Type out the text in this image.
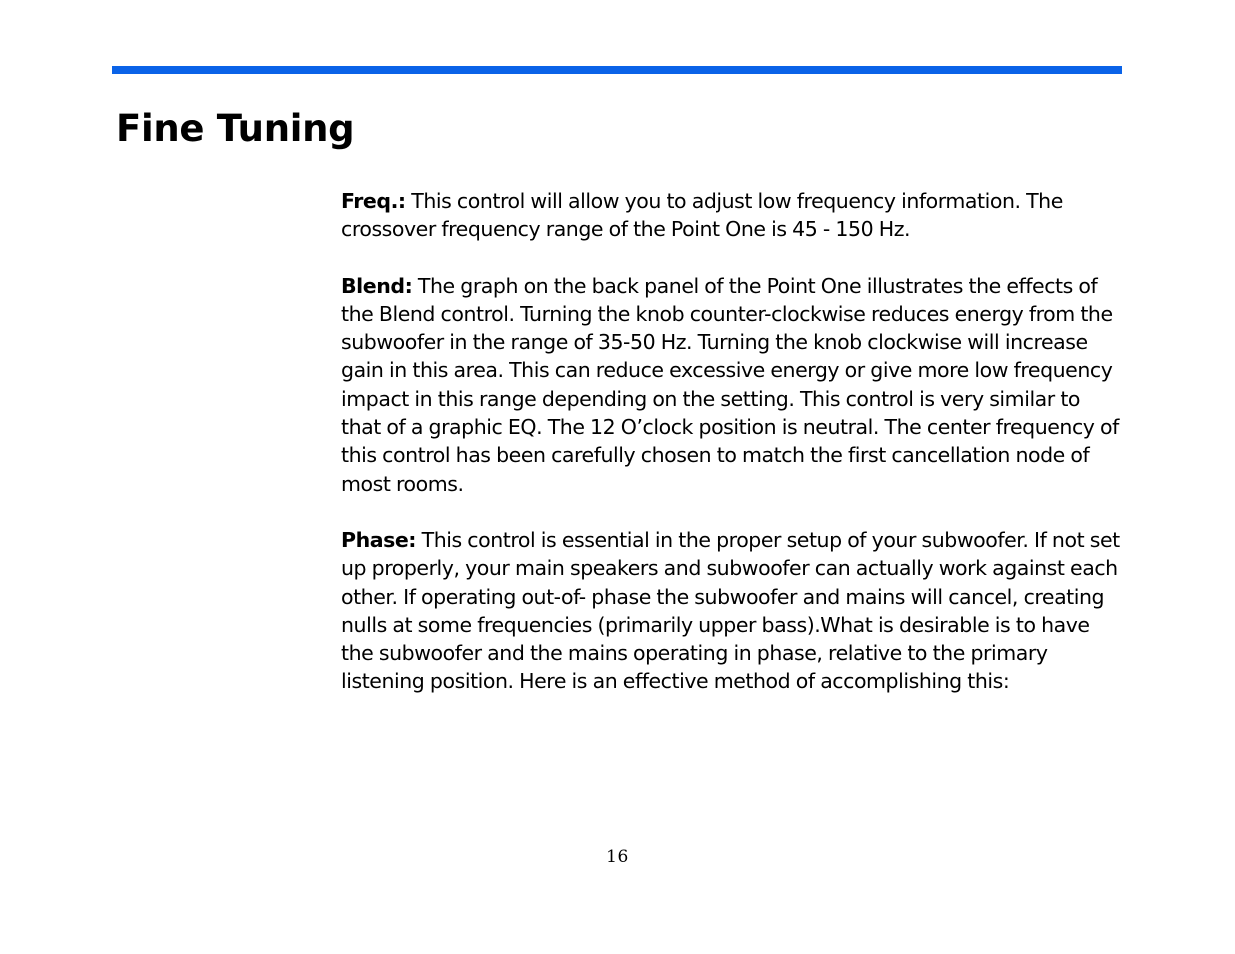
Fine Tuning

Freq.: This control will allow you to adjust low frequency information. The crossover frequency range of the Point One is 45 - 150 Hz.

Blend: The graph on the back panel of the Point One illustrates the effects of the Blend control. Turning the knob counter-clockwise reduces energy from the subwoofer in the range of 35-50 Hz. Turning the knob clockwise will increase gain in this area. This can reduce excessive energy or give more low frequency impact in this range depending on the setting. This control is very similar to that of a graphic EQ. The 12 O’clock position is neutral. The center frequency of this control has been carefully chosen to match the first cancellation node of most rooms.

Phase: This control is essential in the proper setup of your subwoofer. If not set up properly, your main speakers and subwoofer can actually work against each other. If operating out-of- phase the subwoofer and mains will cancel, creating nulls at some frequencies (primarily upper bass).What is desirable is to have the subwoofer and the mains operating in phase, relative to the primary listening position. Here is an effective method of accomplishing this:

16
